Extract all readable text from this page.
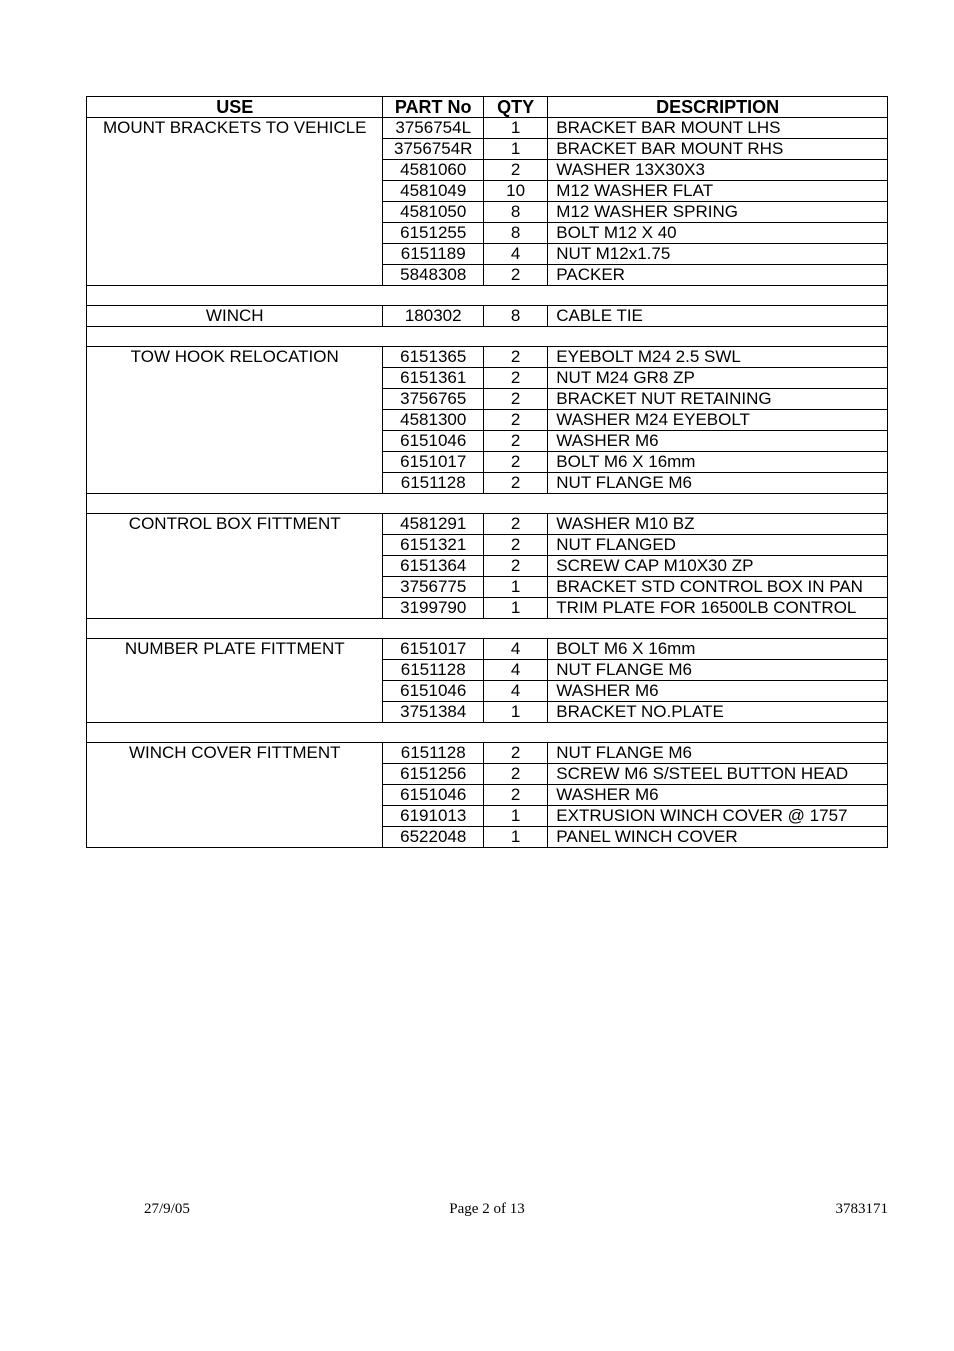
USE	PART No	QTY	DESCRIPTION
MOUNT BRACKETS TO VEHICLE	3756754L	1	BRACKET BAR MOUNT LHS
	3756754R	1	BRACKET BAR MOUNT RHS
	4581060	2	WASHER 13X30X3
	4581049	10	M12 WASHER FLAT
	4581050	8	M12 WASHER SPRING
	6151255	8	BOLT M12 X 40
	6151189	4	NUT M12x1.75
	5848308	2	PACKER

WINCH	180302	8	CABLE TIE

TOW HOOK RELOCATION	6151365	2	EYEBOLT M24 2.5 SWL
	6151361	2	NUT M24 GR8 ZP
	3756765	2	BRACKET NUT RETAINING
	4581300	2	WASHER M24 EYEBOLT
	6151046	2	WASHER M6
	6151017	2	BOLT M6 X 16mm
	6151128	2	NUT FLANGE M6

CONTROL BOX FITTMENT	4581291	2	WASHER M10 BZ
	6151321	2	NUT FLANGED
	6151364	2	SCREW CAP M10X30 ZP
	3756775	1	BRACKET STD CONTROL BOX IN PAN
	3199790	1	TRIM PLATE FOR 16500LB CONTROL

NUMBER PLATE FITTMENT	6151017	4	BOLT M6 X 16mm
	6151128	4	NUT FLANGE M6
	6151046	4	WASHER M6
	3751384	1	BRACKET NO.PLATE

WINCH COVER FITTMENT	6151128	2	NUT FLANGE M6
	6151256	2	SCREW M6 S/STEEL BUTTON HEAD
	6151046	2	WASHER M6
	6191013	1	EXTRUSION WINCH COVER @ 1757
	6522048	1	PANEL WINCH COVER
27/9/05	Page 2 of 13	3783171
